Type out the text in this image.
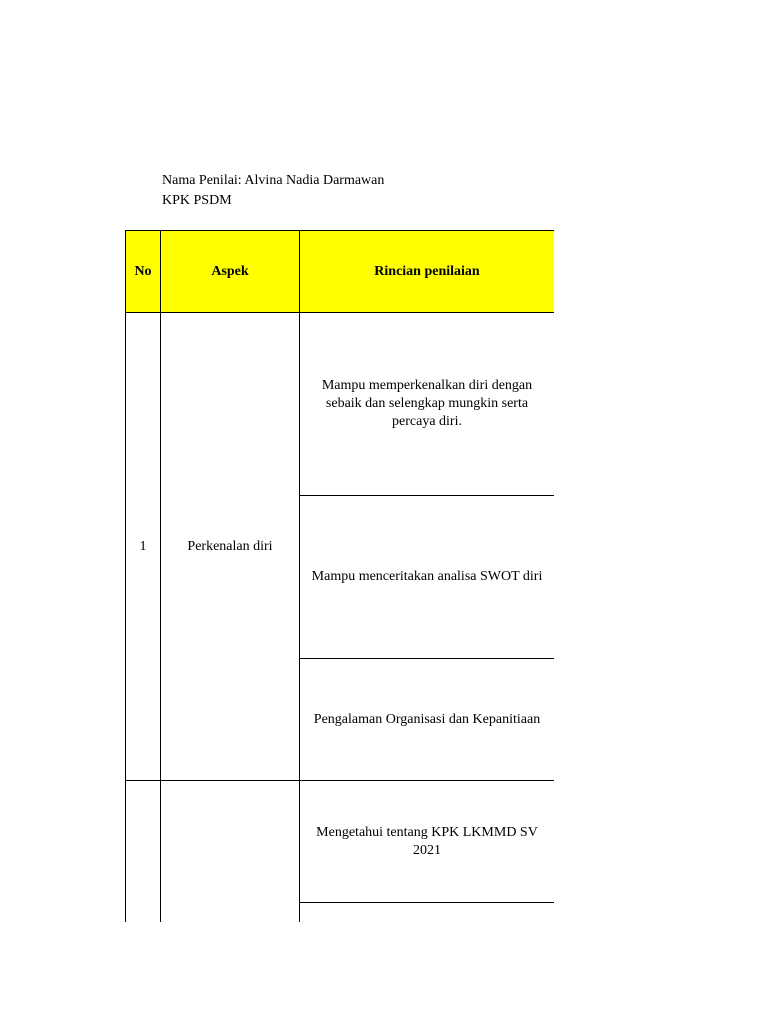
Nama Penilai: Alvina Nadia Darmawan
KPK PSDM
No	Aspek	Rincian penilaian
1	Perkenalan diri	Mampu memperkenalkan diri dengan sebaik dan selengkap mungkin serta percaya diri.
		Mampu menceritakan analisa SWOT diri
		Pengalaman Organisasi dan Kepanitiaan
		Mengetahui tentang KPK LKMMD SV 2021
